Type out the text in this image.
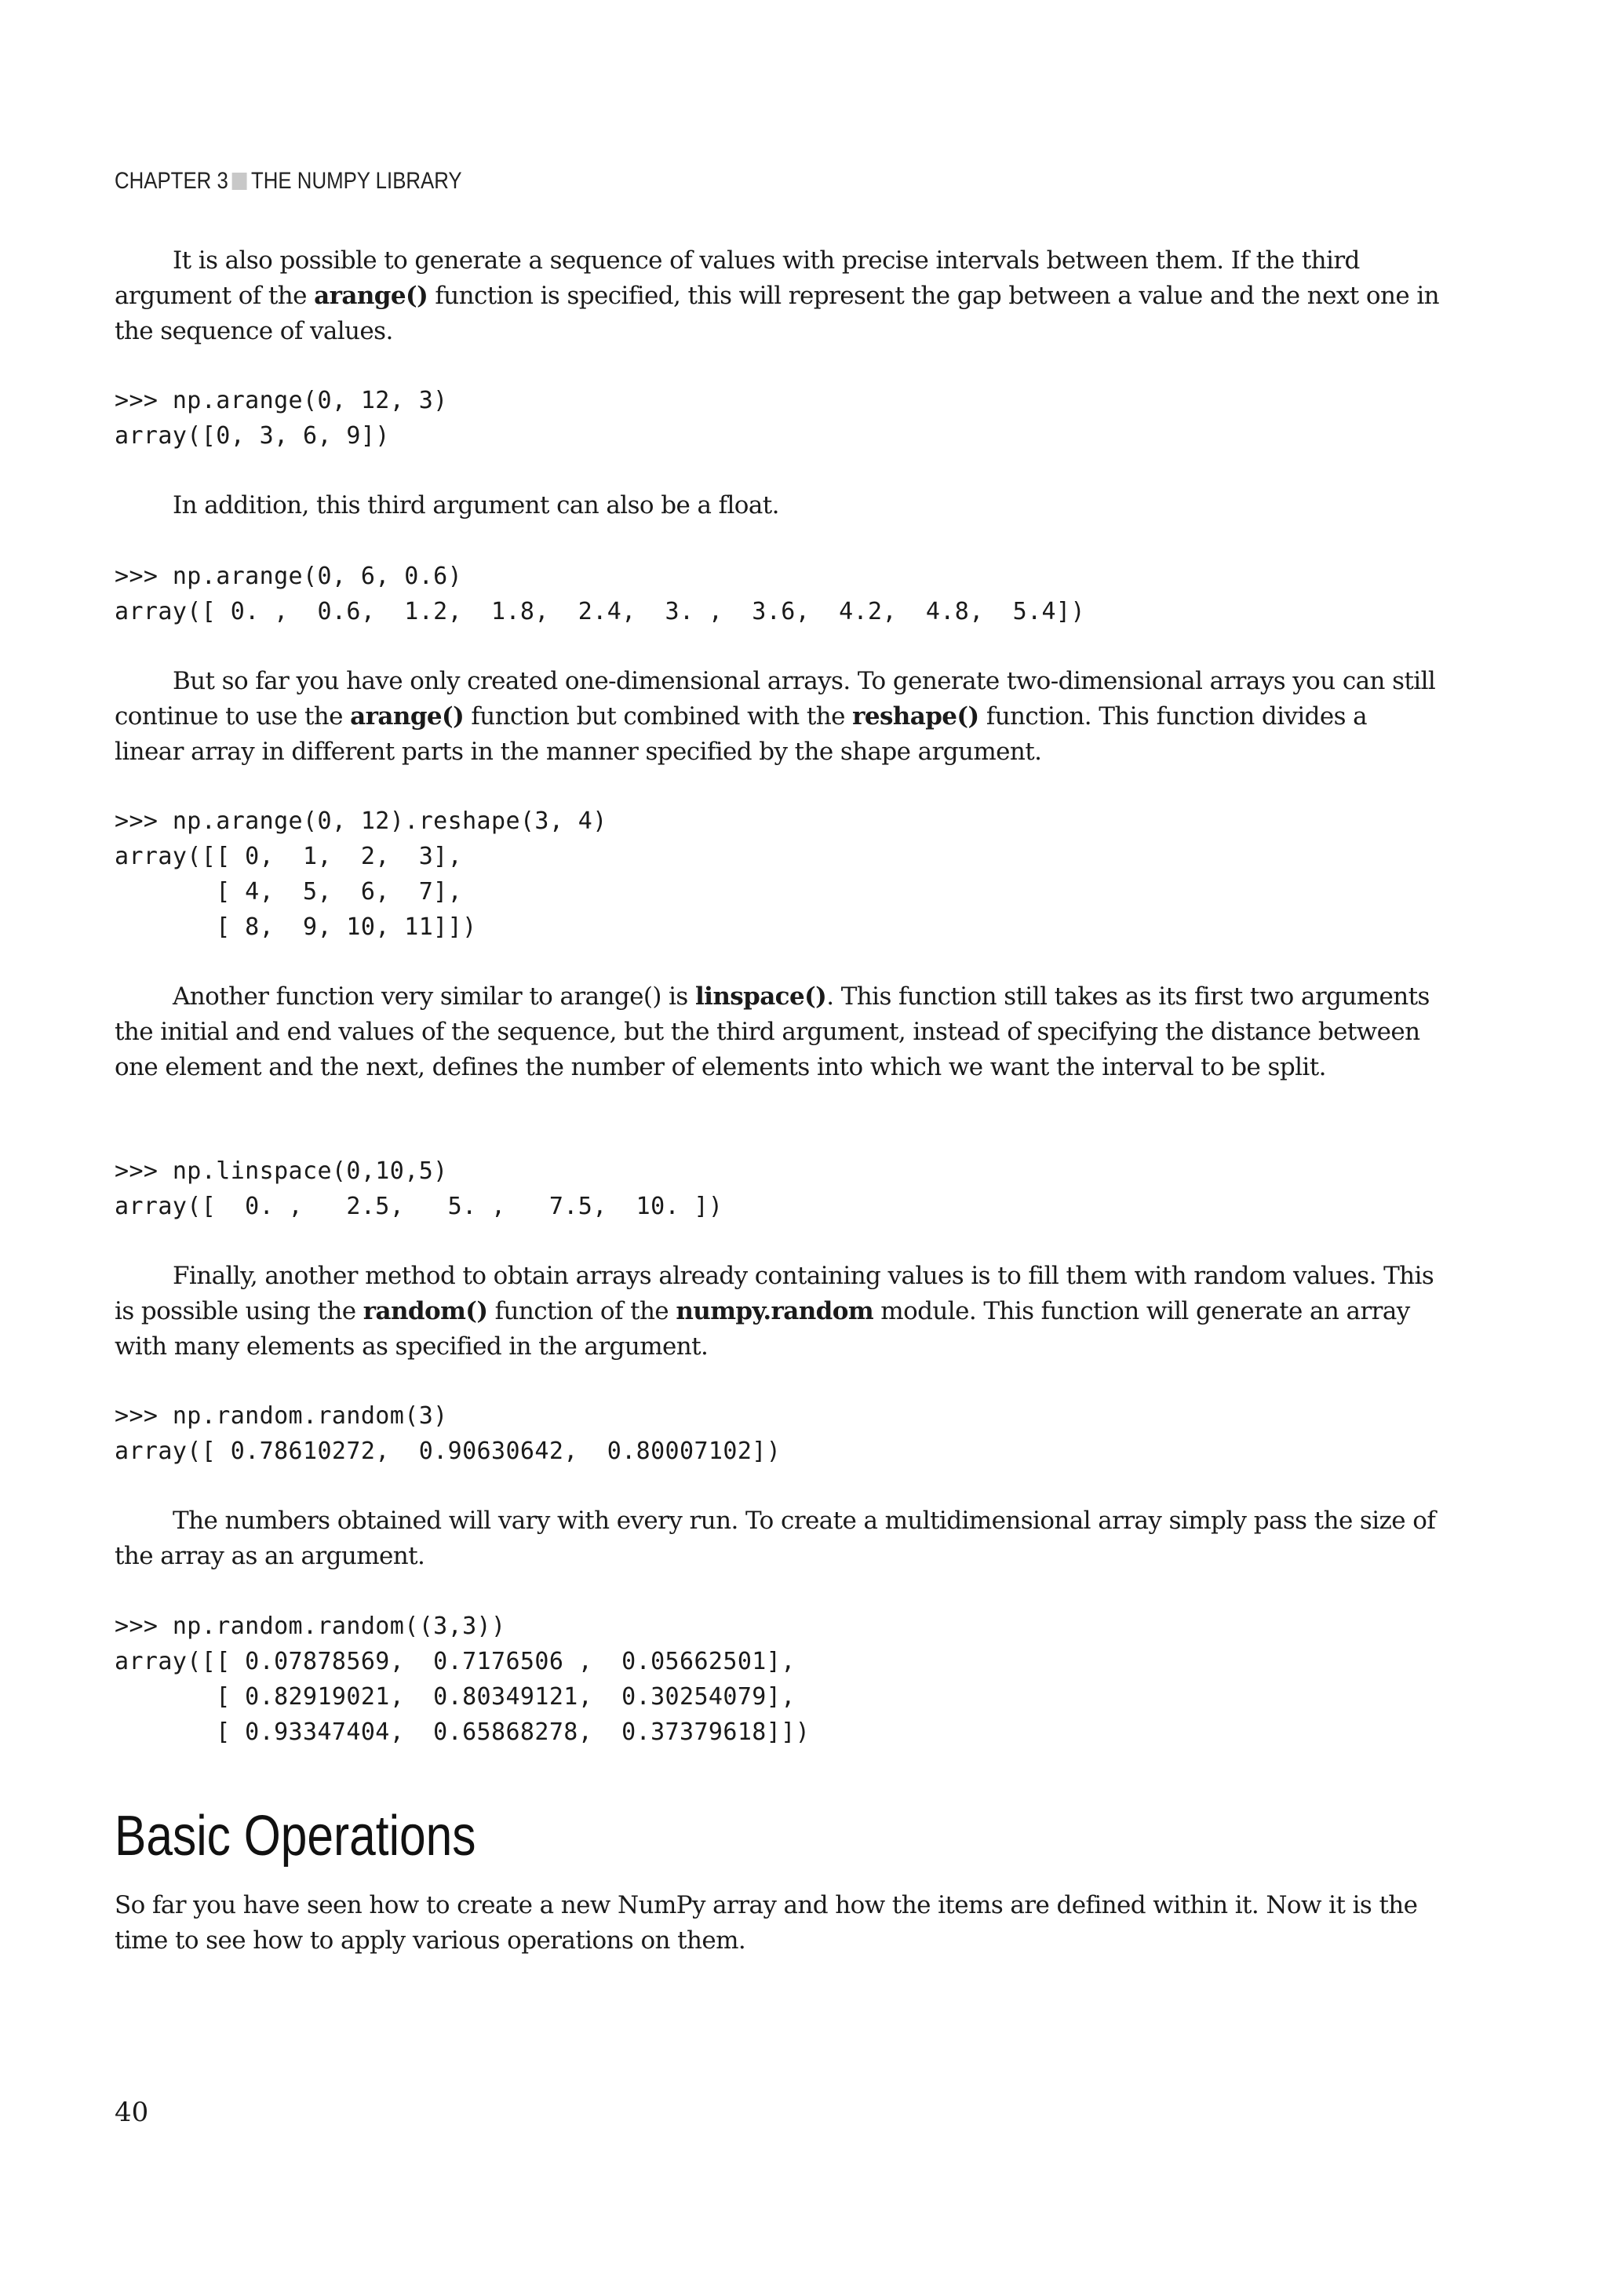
CHAPTER 3 THE NUMPY LIBRARY

It is also possible to generate a sequence of values with precise intervals between them. If the third argument of the arange() function is specified, this will represent the gap between a value and the next one in the sequence of values.

>>> np.arange(0, 12, 3)
array([0, 3, 6, 9])

In addition, this third argument can also be a float.

>>> np.arange(0, 6, 0.6)
array([ 0. ,  0.6,  1.2,  1.8,  2.4,  3. ,  3.6,  4.2,  4.8,  5.4])

But so far you have only created one-dimensional arrays. To generate two-dimensional arrays you can still continue to use the arange() function but combined with the reshape() function. This function divides a linear array in different parts in the manner specified by the shape argument.

>>> np.arange(0, 12).reshape(3, 4)
array([[ 0,  1,  2,  3],
[ 4,  5,  6,  7],
[ 8,  9, 10, 11]])

Another function very similar to arange() is linspace(). This function still takes as its first two arguments the initial and end values of the sequence, but the third argument, instead of specifying the distance between one element and the next, defines the number of elements into which we want the interval to be split.

>>> np.linspace(0,10,5)
array([  0. ,   2.5,   5. ,   7.5,  10. ])

Finally, another method to obtain arrays already containing values is to fill them with random values. This is possible using the random() function of the numpy.random module. This function will generate an array with many elements as specified in the argument.

>>> np.random.random(3)
array([ 0.78610272,  0.90630642,  0.80007102])

The numbers obtained will vary with every run. To create a multidimensional array simply pass the size of the array as an argument.

>>> np.random.random((3,3))
array([[ 0.07878569,  0.7176506 ,  0.05662501],
[ 0.82919021,  0.80349121,  0.30254079],
[ 0.93347404,  0.65868278,  0.37379618]])
Basic Operations

So far you have seen how to create a new NumPy array and how the items are defined within it. Now it is the time to see how to apply various operations on them.

40
